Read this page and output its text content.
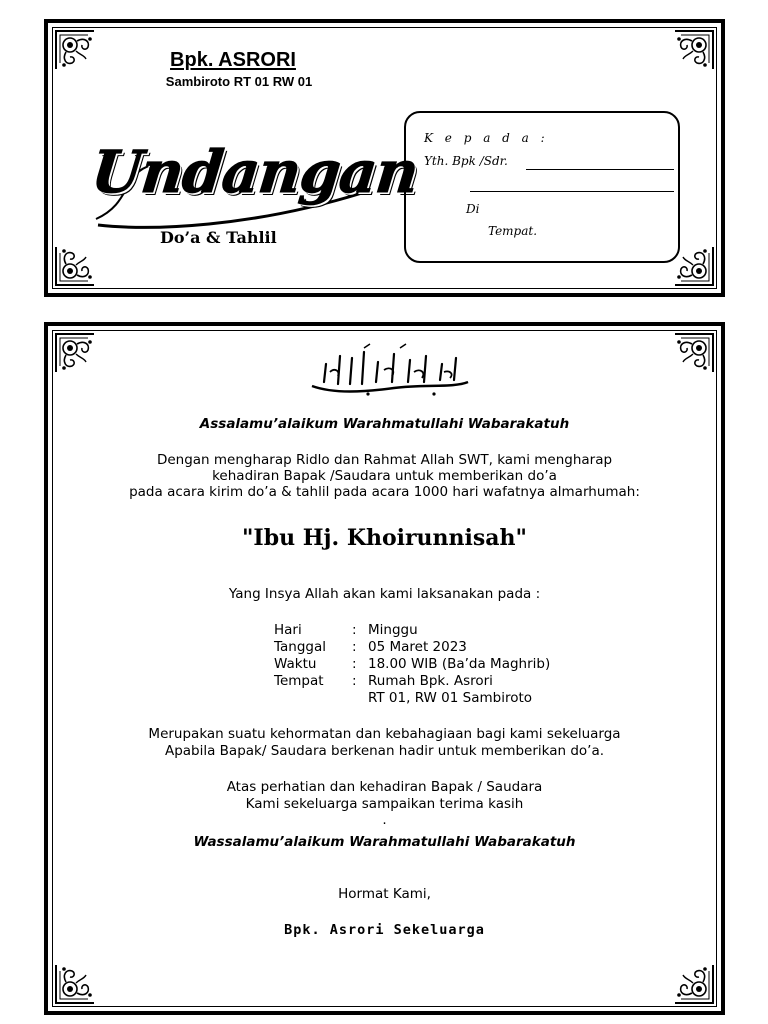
Bpk. ASRORI
Sambiroto RT 01 RW 01
Undangan
Do’a & Tahlil
K e p a d a :
Yth. Bpk /Sdr.
Di
Tempat.
Assalamu’alaikum Warahmatullahi Wabarakatuh
Dengan mengharap Ridlo dan Rahmat Allah SWT, kami mengharap
kehadiran Bapak /Saudara untuk memberikan do’a
pada acara kirim do’a & tahlil pada acara 1000 hari wafatnya almarhumah:
"Ibu Hj. Khoirunnisah"
Yang Insya Allah akan kami laksanakan pada :
Hari	: Minggu
Tanggal	: 05 Maret 2023
Waktu	: 18.00 WIB (Ba’da Maghrib)
Tempat	: Rumah Bpk. Asrori
RT 01, RW 01 Sambiroto
Merupakan suatu kehormatan dan kebahagiaan bagi kami sekeluarga
Apabila Bapak/ Saudara berkenan hadir untuk memberikan do’a.
Atas perhatian dan kehadiran Bapak / Saudara
Kami sekeluarga sampaikan terima kasih
.
Wassalamu’alaikum Warahmatullahi Wabarakatuh
Hormat Kami,
Bpk. Asrori Sekeluarga
